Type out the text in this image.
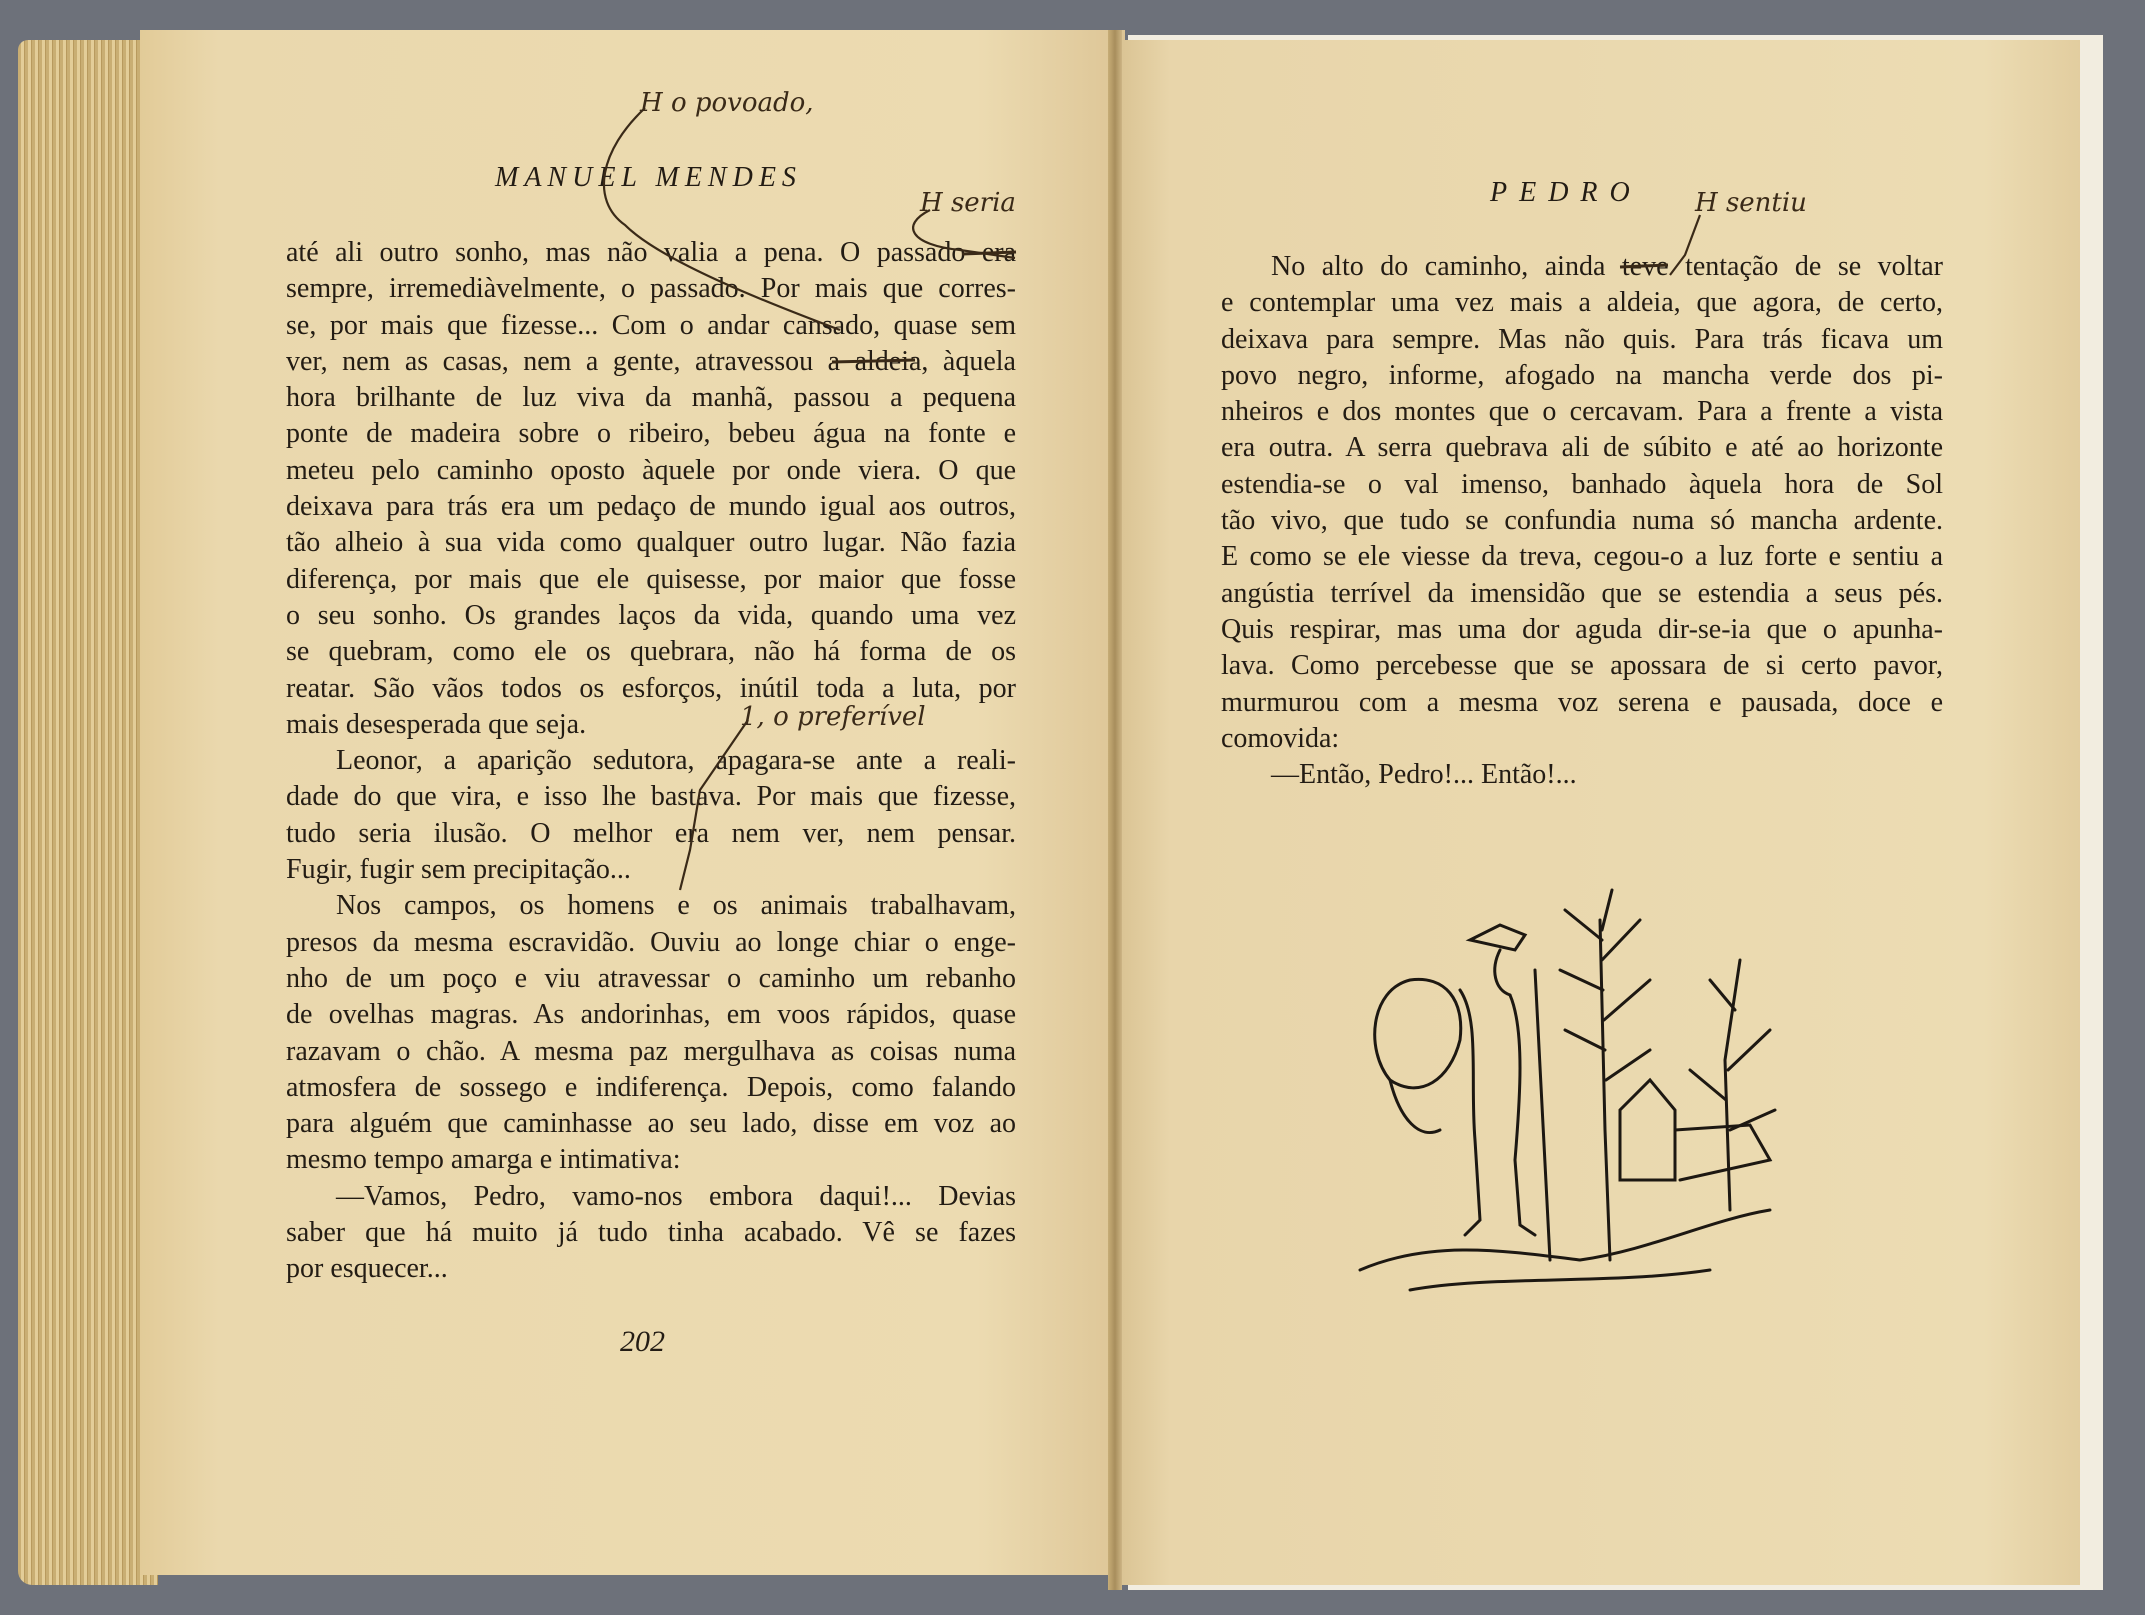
MANUEL MENDES	PEDRO
até ali outro sonho, mas não valia a pena. O passado era
sempre, irremediàvelmente, o passado. Por mais que corres-
se, por mais que fizesse... Com o andar cansado, quase sem
ver, nem as casas, nem a gente, atravessou a aldeia, àquela
hora brilhante de luz viva da manhã, passou a pequena
ponte de madeira sobre o ribeiro, bebeu água na fonte e
meteu pelo caminho oposto àquele por onde viera. O que
deixava para trás era um pedaço de mundo igual aos outros,
tão alheio à sua vida como qualquer outro lugar. Não fazia
diferença, por mais que ele quisesse, por maior que fosse
o seu sonho. Os grandes laços da vida, quando uma vez
se quebram, como ele os quebrara, não há forma de os
reatar. São vãos todos os esforços, inútil toda a luta, por
mais desesperada que seja.
Leonor, a aparição sedutora, apagara-se ante a reali-
dade do que vira, e isso lhe bastava. Por mais que fizesse,
tudo seria ilusão. O melhor era nem ver, nem pensar.
Fugir, fugir sem precipitação...
Nos campos, os homens e os animais trabalhavam,
presos da mesma escravidão. Ouviu ao longe chiar o enge-
nho de um poço e viu atravessar o caminho um rebanho
de ovelhas magras. As andorinhas, em voos rápidos, quase
razavam o chão. A mesma paz mergulhava as coisas numa
atmosfera de sossego e indiferença. Depois, como falando
para alguém que caminhasse ao seu lado, disse em voz ao
mesmo tempo amarga e intimativa:
—Vamos, Pedro, vamo-nos embora daqui!... Devias
saber que há muito já tudo tinha acabado. Vê se fazes
por esquecer...
No alto do caminho, ainda teve tentação de se voltar
e contemplar uma vez mais a aldeia, que agora, de certo,
deixava para sempre. Mas não quis. Para trás ficava um
povo negro, informe, afogado na mancha verde dos pi-
nheiros e dos montes que o cercavam. Para a frente a vista
era outra. A serra quebrava ali de súbito e até ao horizonte
estendia-se o val imenso, banhado àquela hora de Sol
tão vivo, que tudo se confundia numa só mancha ardente.
E como se ele viesse da treva, cegou-o a luz forte e sentiu a
angústia terrível da imensidão que se estendia a seus pés.
Quis respirar, mas uma dor aguda dir-se-ia que o apunha-
lava. Como percebesse que se apossara de si certo pavor,
murmurou com a mesma voz serena e pausada, doce e
comovida:
—Então, Pedro!... Então!...
202
H o povoado,
H seria
1, o preferível
H sentiu
